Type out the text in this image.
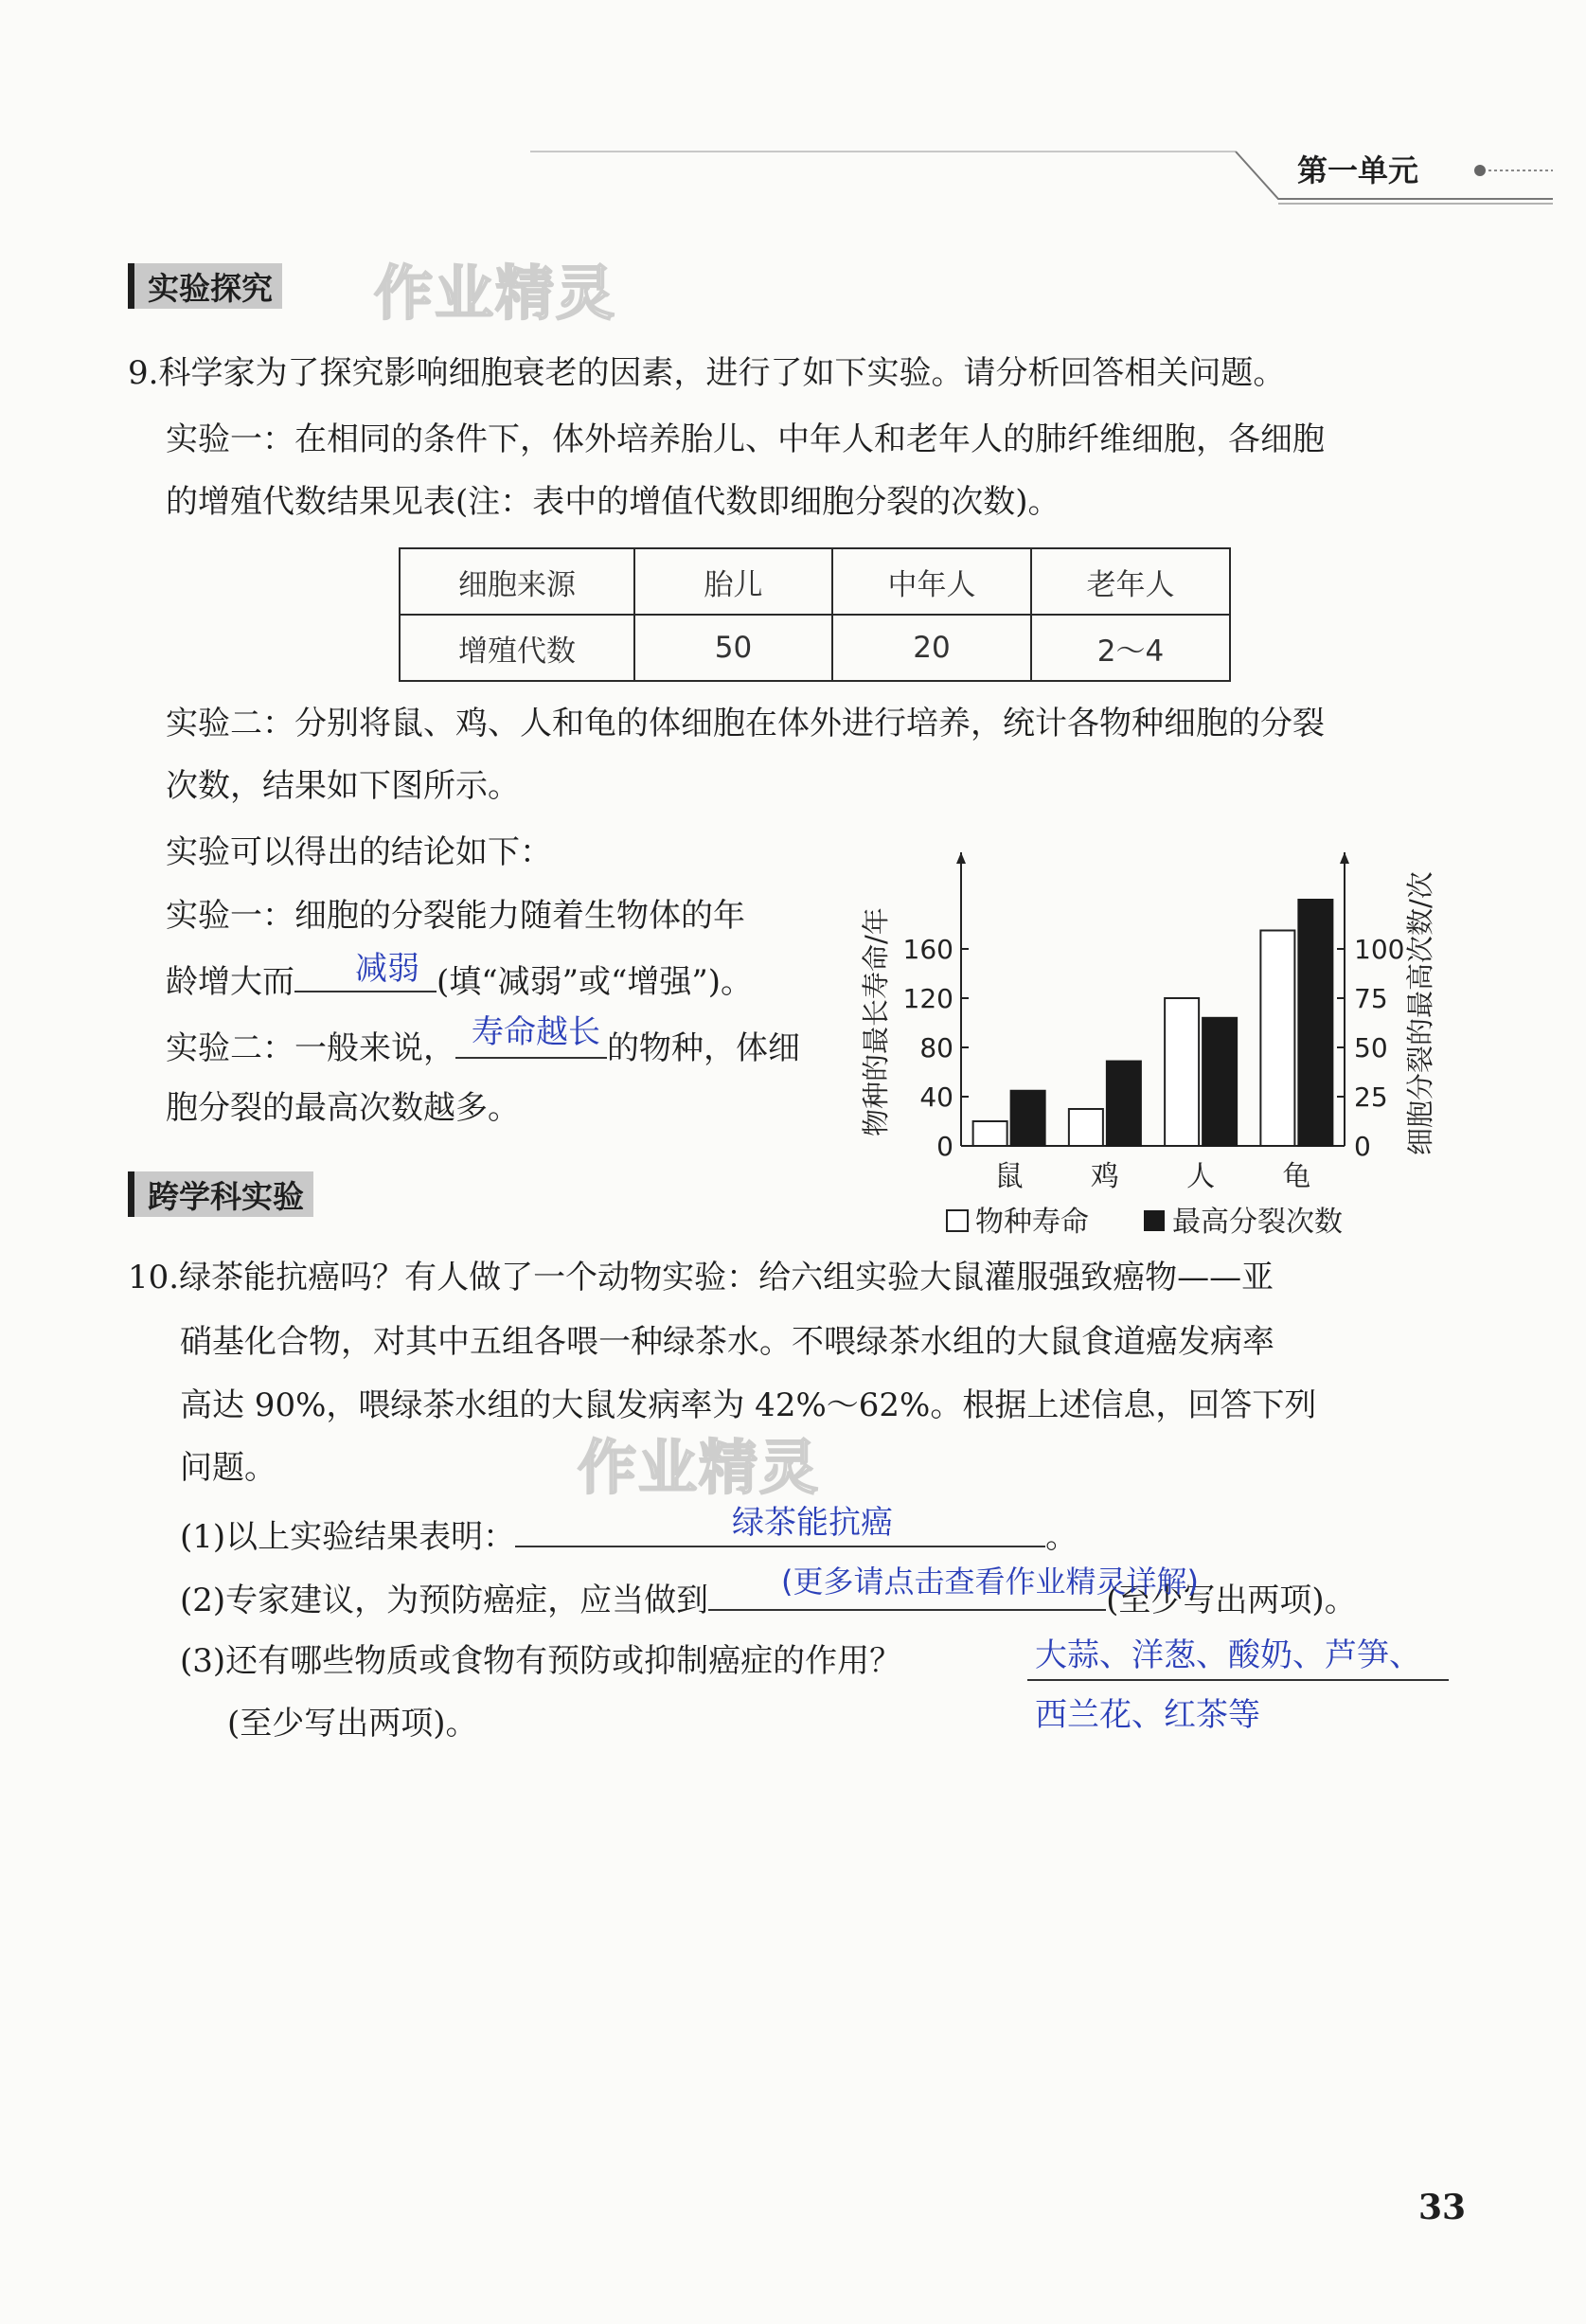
第一单元
实验探究 作业精灵
9.科学家为了探究影响细胞衰老的因素，进行了如下实验。请分析回答相关问题。
实验一：在相同的条件下，体外培养胎儿、中年人和老年人的肺纤维细胞，各细胞
的增殖代数结果见表(注：表中的增值代数即细胞分裂的次数)。
细胞来源	胎儿	中年人	老年人
增殖代数	50	20	2～4
实验二：分别将鼠、鸡、人和龟的体细胞在体外进行培养，统计各物种细胞的分裂
次数，结果如下图所示。
实验可以得出的结论如下：
实验一：细胞的分裂能力随着生物体的年
龄增大而	(填“减弱”或“增强”)。
减弱
实验二：一般来说，	的物种，体细
寿命越长
胞分裂的最高次数越多。
0
40
80
120
160
0
25
50
75
100
鼠 鸡 人 龟
物种的最长寿命/年	细胞分裂的最高次数/次
物种寿命	最高分裂次数
跨学科实验
10.绿茶能抗癌吗？有人做了一个动物实验：给六组实验大鼠灌服强致癌物——亚
硝基化合物，对其中五组各喂一种绿茶水。不喂绿茶水组的大鼠食道癌发病率
高达 90%，喂绿茶水组的大鼠发病率为 42%～62%。根据上述信息，回答下列
问题。	作业精灵
(1)以上实验结果表明：	。
绿茶能抗癌
(2)专家建议，为预防癌症，应当做到	(至少写出两项)。
(更多请点击查看作业精灵详解)
(3)还有哪些物质或食物有预防或抑制癌症的作用？	大蒜、洋葱、酸奶、芦笋、
(至少写出两项)。	西兰花、红茶等
33
